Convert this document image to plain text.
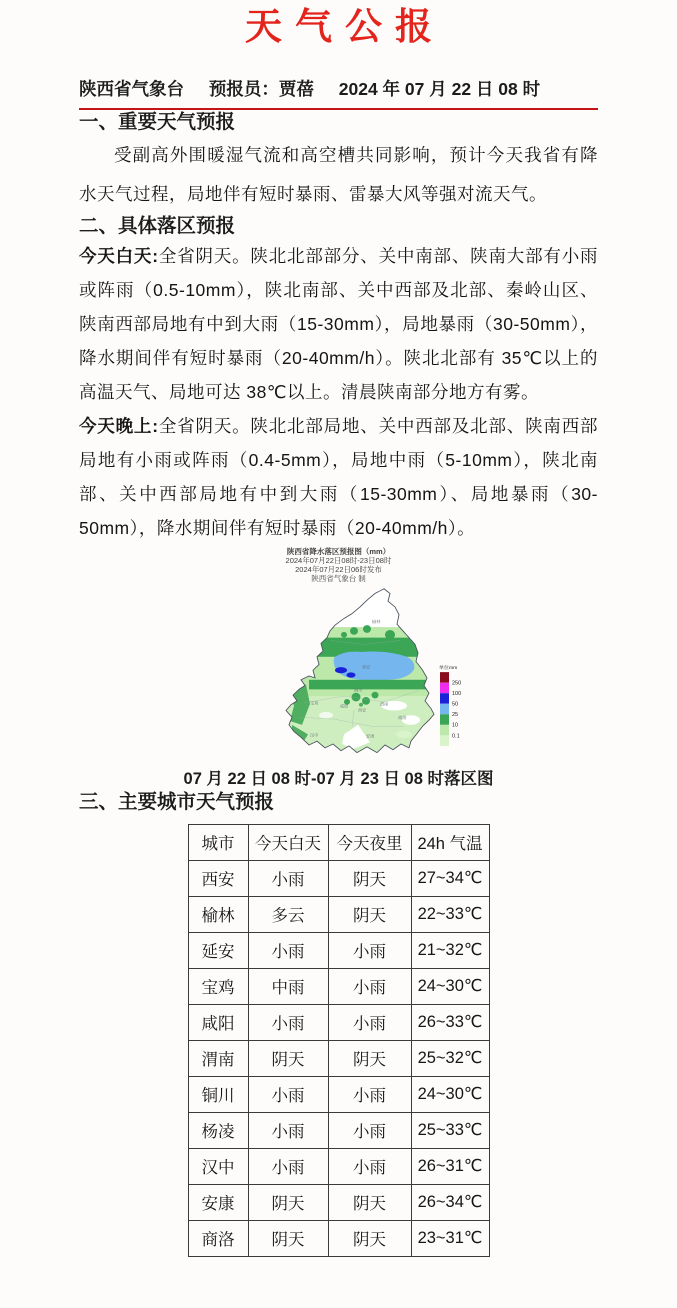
天气公报
陕西省气象台 预报员：贾蓓 2024 年 07 月 22 日 08 时
一、重要天气预报

受副高外围暖湿气流和高空槽共同影响，预计今天我省有降水天气过程，局地伴有短时暴雨、雷暴大风等强对流天气。

二、具体落区预报

今天白天:全省阴天。陕北北部部分、关中南部、陕南大部有小雨或阵雨（0.5-10mm），陕北南部、关中西部及北部、秦岭山区、陕南西部局地有中到大雨（15-30mm），局地暴雨（30-50mm），降水期间伴有短时暴雨（20-40mm/h）。陕北北部有 35℃以上的高温天气、局地可达 38℃以上。清晨陕南部分地方有雾。

今天晚上:全省阴天。陕北北部局地、关中西部及北部、陕南西部局地有小雨或阵雨（0.4-5mm），局地中雨（5-10mm），陕北南部、关中西部局地有中到大雨（15-30mm）、局地暴雨（30-50mm），降水期间伴有短时暴雨（20-40mm/h）。

陕西省降水落区预报图（mm）
2024年07月22日08时-23日08时
2024年07月22日06时发布
陕西省气象台 制
榆林
延安
铜川
咸阳
西安
渭南
宝鸡
汉中	安康
商洛
单位mm
250
100
50
25
10
0.1
07 月 22 日 08 时-07 月 23 日 08 时落区图
三、主要城市天气预报
城市	今天白天	今天夜里	24h 气温
西安	小雨	阴天	27~34℃
榆林	多云	阴天	22~33℃
延安	小雨	小雨	21~32℃
宝鸡	中雨	小雨	24~30℃
咸阳	小雨	小雨	26~33℃
渭南	阴天	阴天	25~32℃
铜川	小雨	小雨	24~30℃
杨凌	小雨	小雨	25~33℃
汉中	小雨	小雨	26~31℃
安康	阴天	阴天	26~34℃
商洛	阴天	阴天	23~31℃
